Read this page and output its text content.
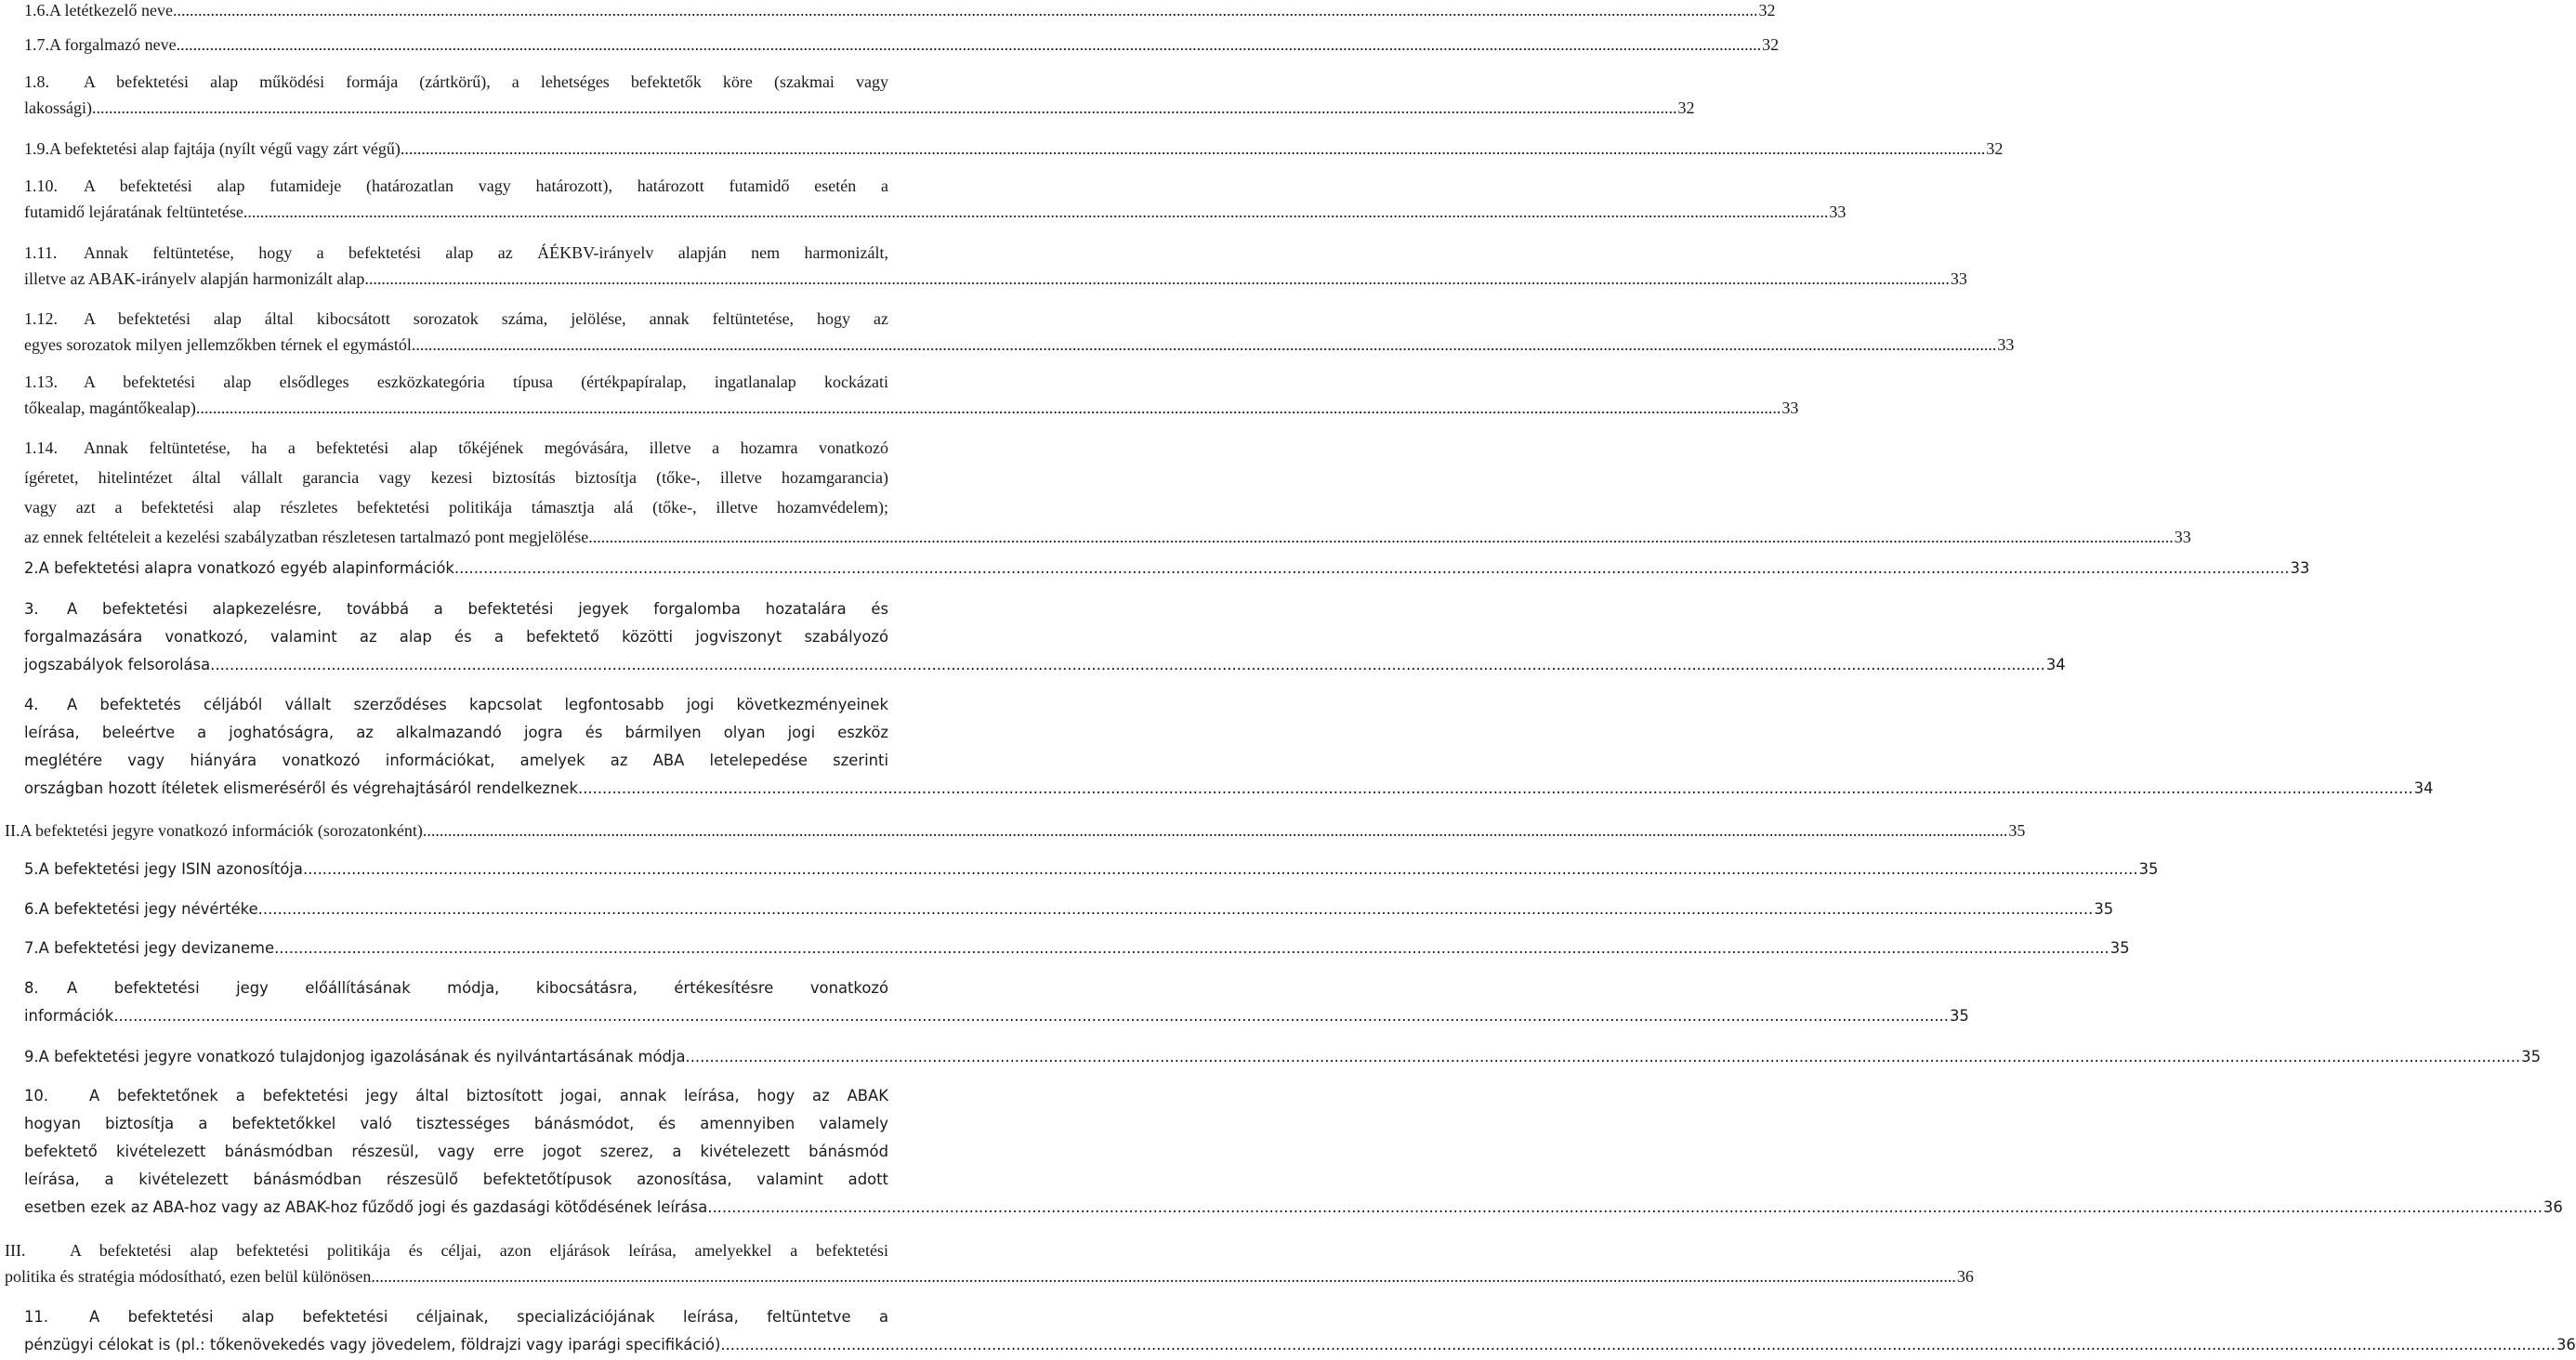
1.6. A letétkezelő neve .....	32
1.7. A forgalmazó neve .....	32
1.8. A befektetési alap működési formája (zártkörű), a lehetséges befektetők köre (szakmai vagy
lakossági) .....	32
1.9. A befektetési alap fajtája (nyílt végű vagy zárt végű) .....	32
1.10. A befektetési alap futamideje (határozatlan vagy határozott), határozott futamidő esetén a
futamidő lejáratának feltüntetése .....	33
1.11. Annak feltüntetése, hogy a befektetési alap az ÁÉKBV-irányelv alapján nem harmonizált,
illetve az ABAK-irányelv alapján harmonizált alap .....	33
1.12. A befektetési alap által kibocsátott sorozatok száma, jelölése, annak feltüntetése, hogy az
egyes sorozatok milyen jellemzőkben térnek el egymástól .....	33
1.13. A befektetési alap elsődleges eszközkategória típusa (értékpapíralap, ingatlanalap kockázati
tőkealap, magántőkealap) .....	33
1.14. Annak feltüntetése, ha a befektetési alap tőkéjének megóvására, illetve a hozamra vonatkozó
ígéretet, hitelintézet által vállalt garancia vagy kezesi biztosítás biztosítja (tőke-, illetve hozamgarancia)
vagy azt a befektetési alap részletes befektetési politikája támasztja alá (tőke-, illetve hozamvédelem);
az ennek feltételeit a kezelési szabályzatban részletesen tartalmazó pont megjelölése .....	33
2. A befektetési alapra vonatkozó egyéb alapinformációk .....	33
3. A befektetési alapkezelésre, továbbá a befektetési jegyek forgalomba hozatalára és
forgalmazására vonatkozó, valamint az alap és a befektető közötti jogviszonyt szabályozó
jogszabályok felsorolása .....	34
4. A befektetés céljából vállalt szerződéses kapcsolat legfontosabb jogi következményeinek
leírása, beleértve a joghatóságra, az alkalmazandó jogra és bármilyen olyan jogi eszköz
meglétére vagy hiányára vonatkozó információkat, amelyek az ABA letelepedése szerinti
országban hozott ítéletek elismeréséről és végrehajtásáról rendelkeznek .....	34
II. A befektetési jegyre vonatkozó információk (sorozatonként) .....	35
5. A befektetési jegy ISIN azonosítója .....	35
6. A befektetési jegy névértéke .....	35
7. A befektetési jegy devizaneme .....	35
8. A befektetési jegy előállításának módja, kibocsátásra, értékesítésre vonatkozó
információk .....	35
9. A befektetési jegyre vonatkozó tulajdonjog igazolásának és nyilvántartásának módja .....	35
10.	A befektetőnek a befektetési jegy által biztosított jogai, annak leírása, hogy az ABAK
hogyan biztosítja a befektetőkkel való tisztességes bánásmódot, és amennyiben valamely
befektető kivételezett bánásmódban részesül, vagy erre jogot szerez, a kivételezett bánásmód
leírása, a kivételezett bánásmódban részesülő befektetőtípusok azonosítása, valamint adott
esetben ezek az ABA-hoz vagy az ABAK-hoz fűződő jogi és gazdasági kötődésének leírása .....	36
III.	A befektetési alap befektetési politikája és céljai, azon eljárások leírása, amelyekkel a befektetési
politika és stratégia módosítható, ezen belül különösen .....	36
11.	A befektetési alap befektetési céljainak, specializációjának leírása, feltüntetve a
pénzügyi célokat is (pl.: tőkenövekedés vagy jövedelem, földrajzi vagy iparági specifikáció) .....	36
